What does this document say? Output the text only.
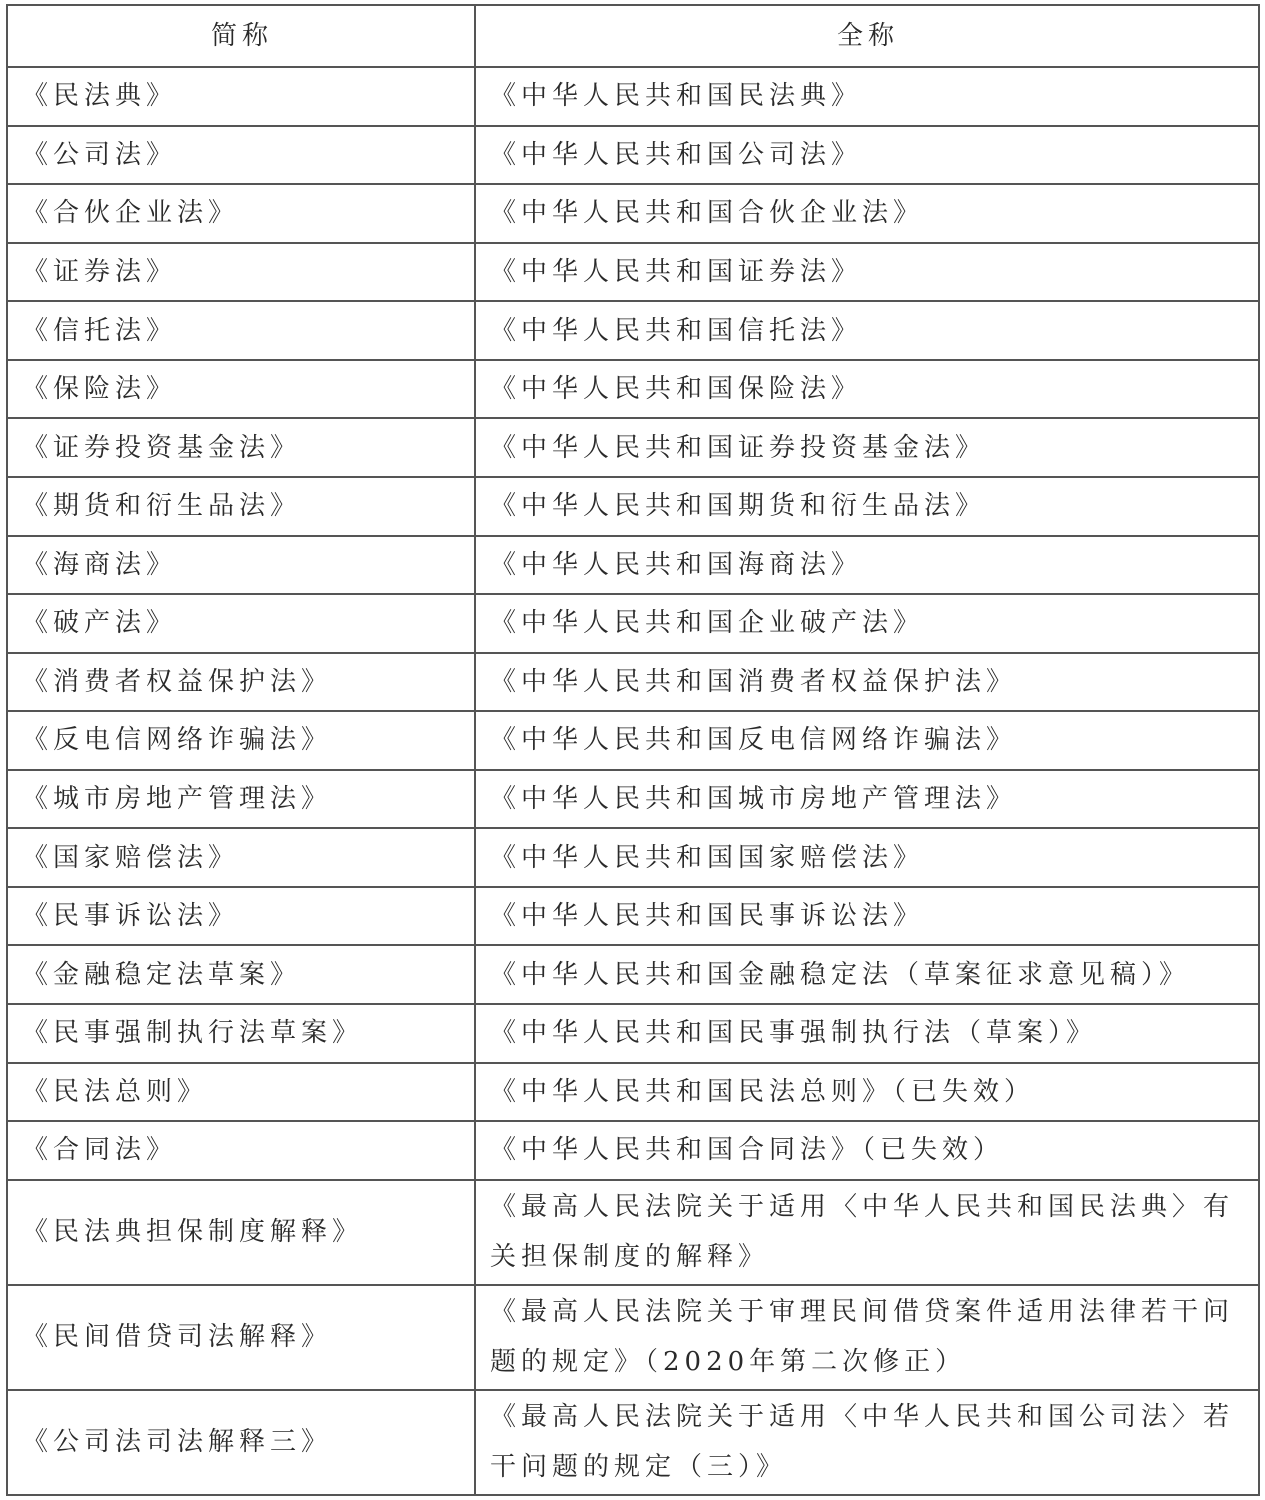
简称	全称
《民法典》	《中华人民共和国民法典》
《公司法》	《中华人民共和国公司法》
《合伙企业法》	《中华人民共和国合伙企业法》
《证券法》	《中华人民共和国证券法》
《信托法》	《中华人民共和国信托法》
《保险法》	《中华人民共和国保险法》
《证券投资基金法》	《中华人民共和国证券投资基金法》
《期货和衍生品法》	《中华人民共和国期货和衍生品法》
《海商法》	《中华人民共和国海商法》
《破产法》	《中华人民共和国企业破产法》
《消费者权益保护法》	《中华人民共和国消费者权益保护法》
《反电信网络诈骗法》	《中华人民共和国反电信网络诈骗法》
《城市房地产管理法》	《中华人民共和国城市房地产管理法》
《国家赔偿法》	《中华人民共和国国家赔偿法》
《民事诉讼法》	《中华人民共和国民事诉讼法》
《金融稳定法草案》	《中华人民共和国金融稳定法（草案征求意见稿）》
《民事强制执行法草案》	《中华人民共和国民事强制执行法（草案）》
《民法总则》	《中华人民共和国民法总则》（已失效）
《合同法》	《中华人民共和国合同法》（已失效）
《民法典担保制度解释》	《最高人民法院关于适用〈中华人民共和国民法典〉有关担保制度的解释》
《民间借贷司法解释》	《最高人民法院关于审理民间借贷案件适用法律若干问题的规定》（2020年第二次修正）
《公司法司法解释三》	《最高人民法院关于适用〈中华人民共和国公司法〉若干问题的规定（三）》
